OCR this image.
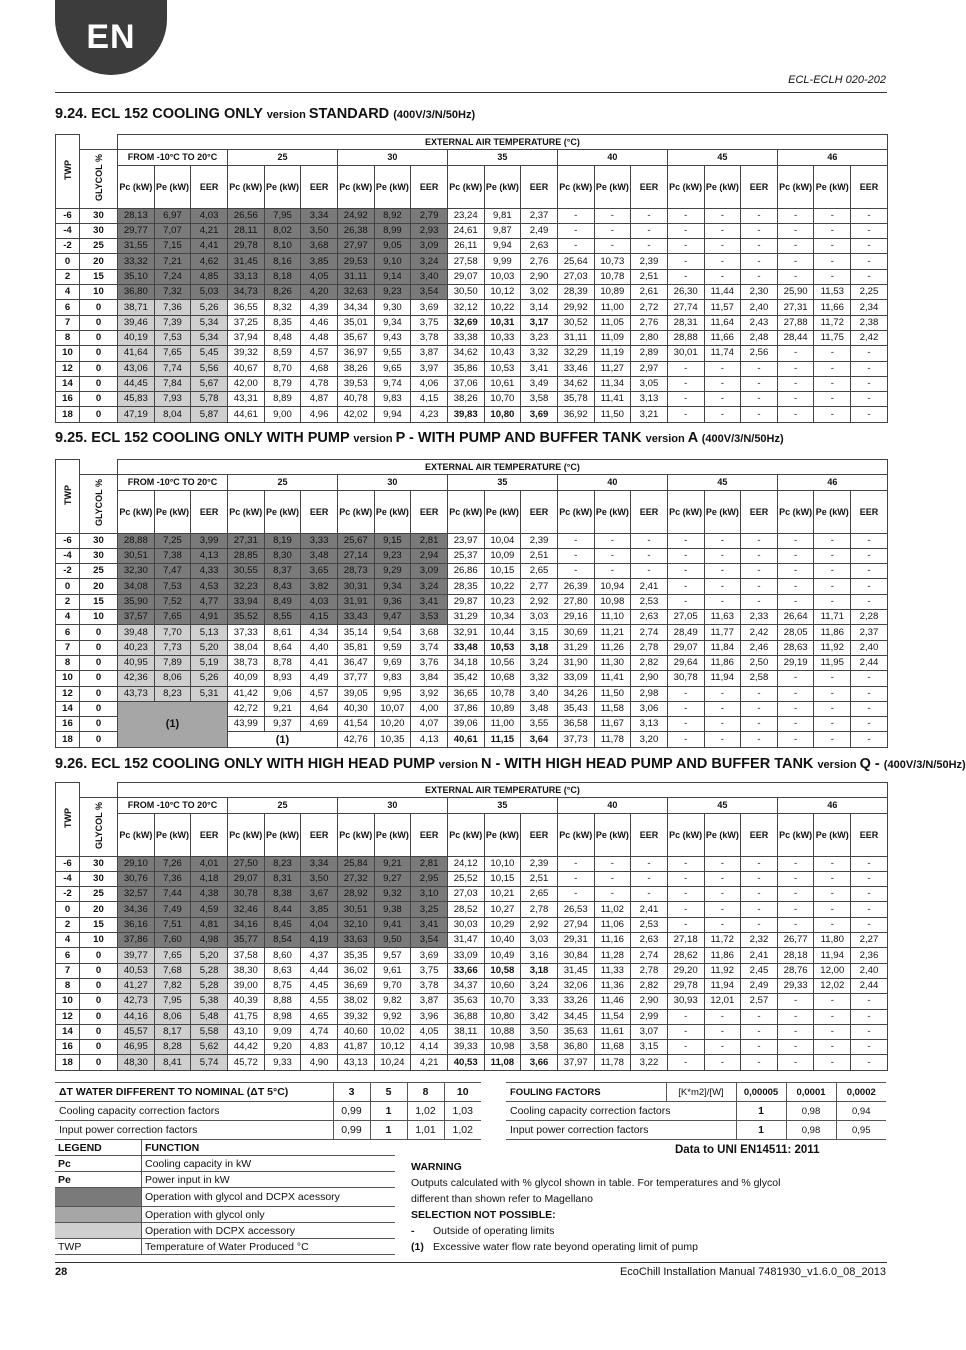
EN
ECL-ECLH 020-202
9.24. ECL 152 COOLING ONLY version STANDARD (400V/3/N/50Hz)
TWP		EXTERNAL AIR TEMPERATURE (°C)																				
	GLYCOL %	FROM -10°C TO 20°C			25			30			35			40			45			46		
		Pc (kW)	Pe (kW)	EER	Pc (kW)	Pe (kW)	EER	Pc (kW)	Pe (kW)	EER	Pc (kW)	Pe (kW)	EER	Pc (kW)	Pe (kW)	EER	Pc (kW)	Pe (kW)	EER	Pc (kW)	Pe (kW)	EER
-6	30	28,13	6,97	4,03	26,56	7,95	3,34	24,92	8,92	2,79	23,24	9,81	2,37	-	-	-	-	-	-	-	-	-
-4	30	29,77	7,07	4,21	28,11	8,02	3,50	26,38	8,99	2,93	24,61	9,87	2,49	-	-	-	-	-	-	-	-	-
-2	25	31,55	7,15	4,41	29,78	8,10	3,68	27,97	9,05	3,09	26,11	9,94	2,63	-	-	-	-	-	-	-	-	-
0	20	33,32	7,21	4,62	31,45	8,16	3,85	29,53	9,10	3,24	27,58	9,99	2,76	25,64	10,73	2,39	-	-	-	-	-	-
2	15	35,10	7,24	4,85	33,13	8,18	4,05	31,11	9,14	3,40	29,07	10,03	2,90	27,03	10,78	2,51	-	-	-	-	-	-
4	10	36,80	7,32	5,03	34,73	8,26	4,20	32,63	9,23	3,54	30,50	10,12	3,02	28,39	10,89	2,61	26,30	11,44	2,30	25,90	11,53	2,25
6	0	38,71	7,36	5,26	36,55	8,32	4,39	34,34	9,30	3,69	32,12	10,22	3,14	29,92	11,00	2,72	27,74	11,57	2,40	27,31	11,66	2,34
7	0	39,46	7,39	5,34	37,25	8,35	4,46	35,01	9,34	3,75	32,69	10,31	3,17	30,52	11,05	2,76	28,31	11,64	2,43	27,88	11,72	2,38
8	0	40,19	7,53	5,34	37,94	8,48	4,48	35,67	9,43	3,78	33,38	10,33	3,23	31,11	11,09	2,80	28,88	11,66	2,48	28,44	11,75	2,42
10	0	41,64	7,65	5,45	39,32	8,59	4,57	36,97	9,55	3,87	34,62	10,43	3,32	32,29	11,19	2,89	30,01	11,74	2,56	-	-	-
12	0	43,06	7,74	5,56	40,67	8,70	4,68	38,26	9,65	3,97	35,86	10,53	3,41	33,46	11,27	2,97	-	-	-	-	-	-
14	0	44,45	7,84	5,67	42,00	8,79	4,78	39,53	9,74	4,06	37,06	10,61	3,49	34,62	11,34	3,05	-	-	-	-	-	-
16	0	45,83	7,93	5,78	43,31	8,89	4,87	40,78	9,83	4,15	38,26	10,70	3,58	35,78	11,41	3,13	-	-	-	-	-	-
18	0	47,19	8,04	5,87	44,61	9,00	4,96	42,02	9,94	4,23	39,83	10,80	3,69	36,92	11,50	3,21	-	-	-	-	-	-
9.25. ECL 152 COOLING ONLY WITH PUMP version P - WITH PUMP AND BUFFER TANK version A (400V/3/N/50Hz)
TWP		EXTERNAL AIR TEMPERATURE (°C)																				
	GLYCOL %	FROM -10°C TO 20°C			25			30			35			40			45			46		
		Pc (kW)	Pe (kW)	EER	Pc (kW)	Pe (kW)	EER	Pc (kW)	Pe (kW)	EER	Pc (kW)	Pe (kW)	EER	Pc (kW)	Pe (kW)	EER	Pc (kW)	Pe (kW)	EER	Pc (kW)	Pe (kW)	EER
-6	30	28,88	7,25	3,99	27,31	8,19	3,33	25,67	9,15	2,81	23,97	10,04	2,39	-	-	-	-	-	-	-	-	-
-4	30	30,51	7,38	4,13	28,85	8,30	3,48	27,14	9,23	2,94	25,37	10,09	2,51	-	-	-	-	-	-	-	-	-
-2	25	32,30	7,47	4,33	30,55	8,37	3,65	28,73	9,29	3,09	26,86	10,15	2,65	-	-	-	-	-	-	-	-	-
0	20	34,08	7,53	4,53	32,23	8,43	3,82	30,31	9,34	3,24	28,35	10,22	2,77	26,39	10,94	2,41	-	-	-	-	-	-
2	15	35,90	7,52	4,77	33,94	8,49	4,03	31,91	9,36	3,41	29,87	10,23	2,92	27,80	10,98	2,53	-	-	-	-	-	-
4	10	37,57	7,65	4,91	35,52	8,55	4,15	33,43	9,47	3,53	31,29	10,34	3,03	29,16	11,10	2,63	27,05	11,63	2,33	26,64	11,71	2,28
6	0	39,48	7,70	5,13	37,33	8,61	4,34	35,14	9,54	3,68	32,91	10,44	3,15	30,69	11,21	2,74	28,49	11,77	2,42	28,05	11,86	2,37
7	0	40,23	7,73	5,20	38,04	8,64	4,40	35,81	9,59	3,74	33,48	10,53	3,18	31,29	11,26	2,78	29,07	11,84	2,46	28,63	11,92	2,40
8	0	40,95	7,89	5,19	38,73	8,78	4,41	36,47	9,69	3,76	34,18	10,56	3,24	31,90	11,30	2,82	29,64	11,86	2,50	29,19	11,95	2,44
10	0	42,36	8,06	5,26	40,09	8,93	4,49	37,77	9,83	3,84	35,42	10,68	3,32	33,09	11,41	2,90	30,78	11,94	2,58	-	-	-
12	0	43,73	8,23	5,31	41,42	9,06	4,57	39,05	9,95	3,92	36,65	10,78	3,40	34,26	11,50	2,98	-	-	-	-	-	-
14	0	(1)			42,72	9,21	4,64	40,30	10,07	4,00	37,86	10,89	3,48	35,43	11,58	3,06	-	-	-	-	-	-
16	0				43,99	9,37	4,69	41,54	10,20	4,07	39,06	11,00	3,55	36,58	11,67	3,13	-	-	-	-	-	-
18	0				(1)			42,76	10,35	4,13	40,61	11,15	3,64	37,73	11,78	3,20	-	-	-	-	-	-
9.26. ECL 152 COOLING ONLY WITH HIGH HEAD PUMP version N - WITH HIGH HEAD PUMP AND BUFFER TANK version Q - (400V/3/N/50Hz)
TWP		EXTERNAL AIR TEMPERATURE (°C)																				
	GLYCOL %	FROM -10°C TO 20°C			25			30			35			40			45			46		
		Pc (kW)	Pe (kW)	EER	Pc (kW)	Pe (kW)	EER	Pc (kW)	Pe (kW)	EER	Pc (kW)	Pe (kW)	EER	Pc (kW)	Pe (kW)	EER	Pc (kW)	Pe (kW)	EER	Pc (kW)	Pe (kW)	EER
-6	30	29,10	7,26	4,01	27,50	8,23	3,34	25,84	9,21	2,81	24,12	10,10	2,39	-	-	-	-	-	-	-	-	-
-4	30	30,76	7,36	4,18	29,07	8,31	3,50	27,32	9,27	2,95	25,52	10,15	2,51	-	-	-	-	-	-	-	-	-
-2	25	32,57	7,44	4,38	30,78	8,38	3,67	28,92	9,32	3,10	27,03	10,21	2,65	-	-	-	-	-	-	-	-	-
0	20	34,36	7,49	4,59	32,46	8,44	3,85	30,51	9,38	3,25	28,52	10,27	2,78	26,53	11,02	2,41	-	-	-	-	-	-
2	15	36,16	7,51	4,81	34,16	8,45	4,04	32,10	9,41	3,41	30,03	10,29	2,92	27,94	11,06	2,53	-	-	-	-	-	-
4	10	37,86	7,60	4,98	35,77	8,54	4,19	33,63	9,50	3,54	31,47	10,40	3,03	29,31	11,16	2,63	27,18	11,72	2,32	26,77	11,80	2,27
6	0	39,77	7,65	5,20	37,58	8,60	4,37	35,35	9,57	3,69	33,09	10,49	3,16	30,84	11,28	2,74	28,62	11,86	2,41	28,18	11,94	2,36
7	0	40,53	7,68	5,28	38,30	8,63	4,44	36,02	9,61	3,75	33,66	10,58	3,18	31,45	11,33	2,78	29,20	11,92	2,45	28,76	12,00	2,40
8	0	41,27	7,82	5,28	39,00	8,75	4,45	36,69	9,70	3,78	34,37	10,60	3,24	32,06	11,36	2,82	29,78	11,94	2,49	29,33	12,02	2,44
10	0	42,73	7,95	5,38	40,39	8,88	4,55	38,02	9,82	3,87	35,63	10,70	3,33	33,26	11,46	2,90	30,93	12,01	2,57	-	-	-
12	0	44,16	8,06	5,48	41,75	8,98	4,65	39,32	9,92	3,96	36,88	10,80	3,42	34,45	11,54	2,99	-	-	-	-	-	-
14	0	45,57	8,17	5,58	43,10	9,09	4,74	40,60	10,02	4,05	38,11	10,88	3,50	35,63	11,61	3,07	-	-	-	-	-	-
16	0	46,95	8,28	5,62	44,42	9,20	4,83	41,87	10,12	4,14	39,33	10,98	3,58	36,80	11,68	3,15	-	-	-	-	-	-
18	0	48,30	8,41	5,74	45,72	9,33	4,90	43,13	10,24	4,21	40,53	11,08	3,66	37,97	11,78	3,22	-	-	-	-	-	-
ΔT WATER DIFFERENT TO NOMINAL (ΔT 5°C)	3	5	8	10
Cooling capacity correction factors	0,99	1	1,02	1,03
Input power correction factors	0,99	1	1,01	1,02
FOULING FACTORS	[K*m2]/[W]	0,00005	0,0001	0,0002
Cooling capacity correction factors		1	0,98	0,94
Input power correction factors		1	0,98	0,95
Data to UNI EN14511: 2011
LEGEND	FUNCTION
Pc	Cooling capacity in kW
Pe	Power input in kW
	Operation with glycol and DCPX acessory
	Operation with glycol only
	Operation with DCPX accessory
TWP	Temperature of Water Produced °C
WARNING
Outputs calculated with % glycol shown in table. For temperatures and % glycol different than shown refer to Magellano
SELECTION NOT POSSIBLE:
- Outside of operating limits
(1) Excessive water flow rate beyond operating limit of pump
28	EcoChill Installation Manual 7481930_v1.6.0_08_2013
